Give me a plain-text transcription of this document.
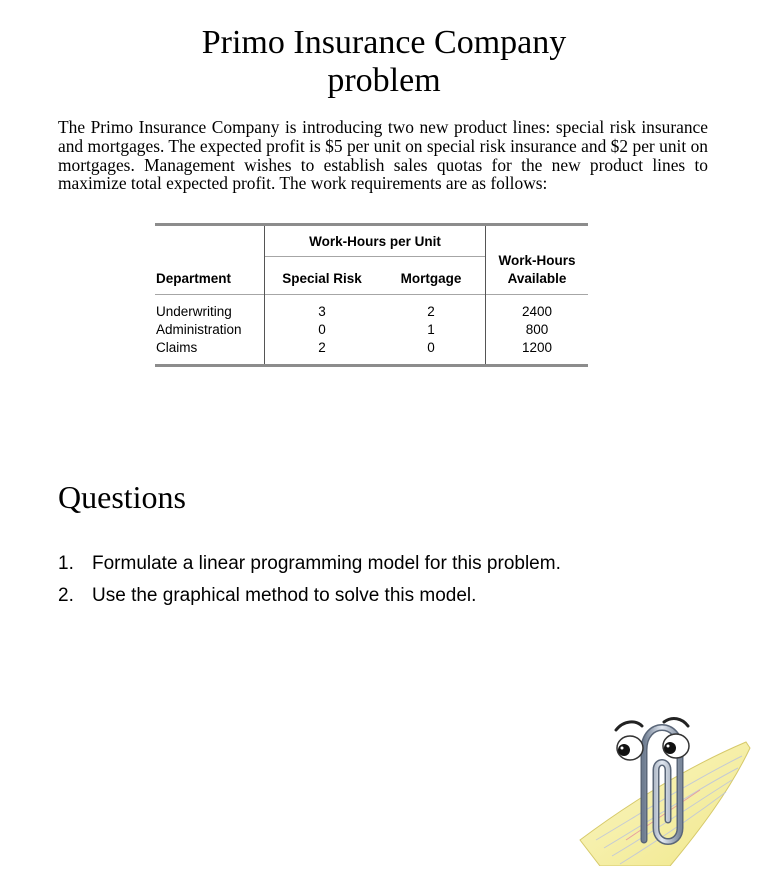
Primo Insurance Company
problem
The Primo Insurance Company is introducing two new product lines: special risk insurance and mortgages. The expected profit is $5 per unit on special risk insurance and $2 per unit on mortgages. Management wishes to establish sales quotas for the new product lines to maximize total expected profit. The work requirements are as follows:
Work-Hours per Unit
Department	Special Risk	Mortgage
Work-Hours
Available
Underwriting
Administration
Claims
3
0
2
2
1
0
2400
800
1200
Questions
1. Formulate a linear programming model for this problem.
2. Use the graphical method to solve this model.
